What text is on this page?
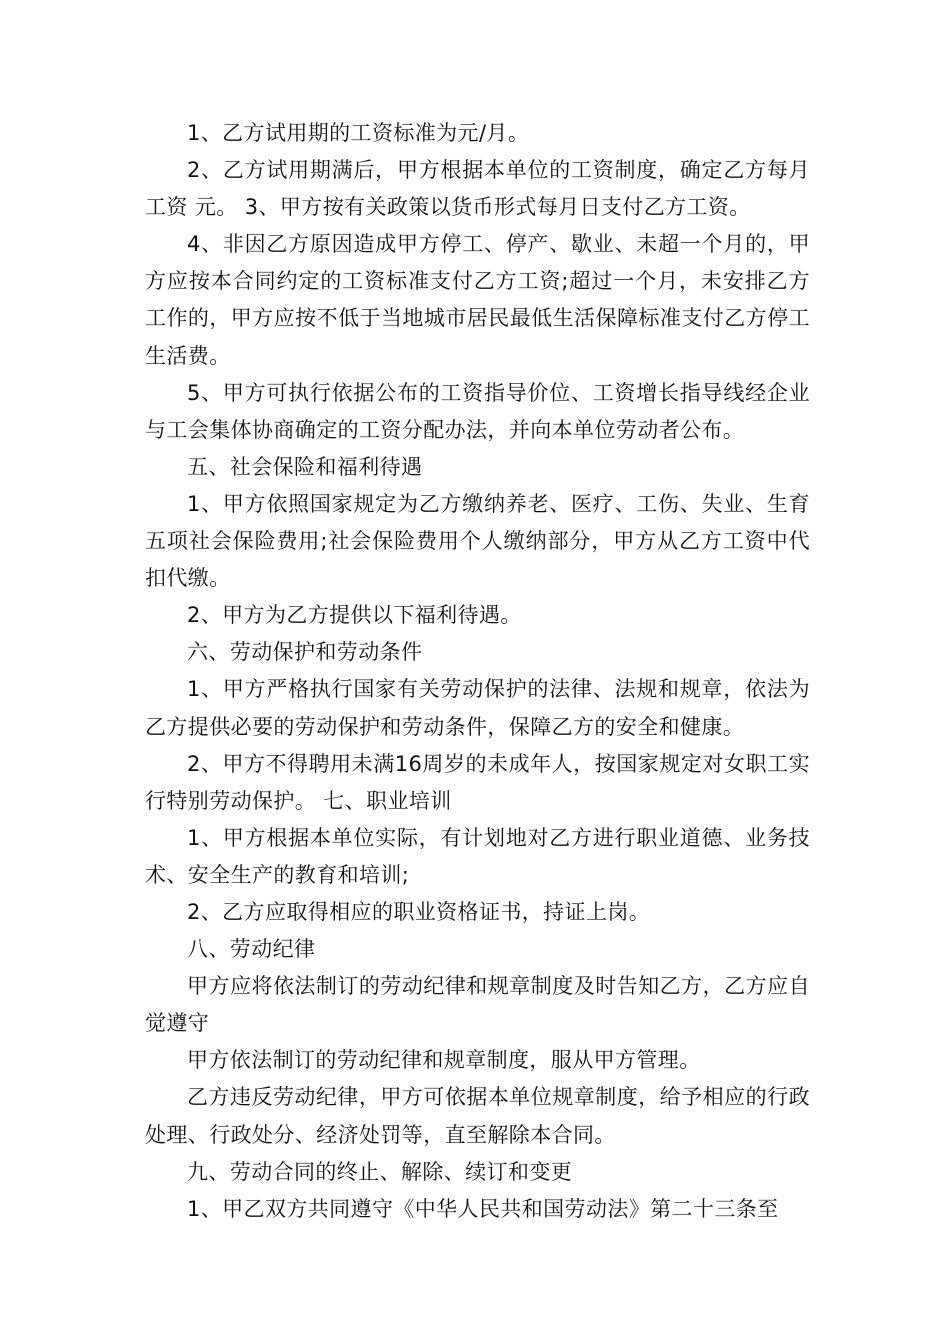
1、乙方试用期的工资标准为元/月。

2、乙方试用期满后，甲方根据本单位的工资制度，确定乙方每月工资 元。 3、甲方按有关政策以货币形式每月日支付乙方工资。

4、非因乙方原因造成甲方停工、停产、歇业、未超一个月的，甲方应按本合同约定的工资标准支付乙方工资;超过一个月，未安排乙方工作的，甲方应按不低于当地城市居民最低生活保障标准支付乙方停工生活费。

5、甲方可执行依据公布的工资指导价位、工资增长指导线经企业与工会集体协商确定的工资分配办法，并向本单位劳动者公布。

五、社会保险和福利待遇

1、甲方依照国家规定为乙方缴纳养老、医疗、工伤、失业、生育五项社会保险费用;社会保险费用个人缴纳部分，甲方从乙方工资中代扣代缴。

2、甲方为乙方提供以下福利待遇。

六、劳动保护和劳动条件

1、甲方严格执行国家有关劳动保护的法律、法规和规章，依法为乙方提供必要的劳动保护和劳动条件，保障乙方的安全和健康。

2、甲方不得聘用未满16周岁的未成年人，按国家规定对女职工实行特别劳动保护。 七、职业培训

1、甲方根据本单位实际，有计划地对乙方进行职业道德、业务技术、安全生产的教育和培训;

2、乙方应取得相应的职业资格证书，持证上岗。

八、劳动纪律

甲方应将依法制订的劳动纪律和规章制度及时告知乙方，乙方应自觉遵守

甲方依法制订的劳动纪律和规章制度，服从甲方管理。

乙方违反劳动纪律，甲方可依据本单位规章制度，给予相应的行政处理、行政处分、经济处罚等，直至解除本合同。

九、劳动合同的终止、解除、续订和变更

1、甲乙双方共同遵守《中华人民共和国劳动法》第二十三条至
